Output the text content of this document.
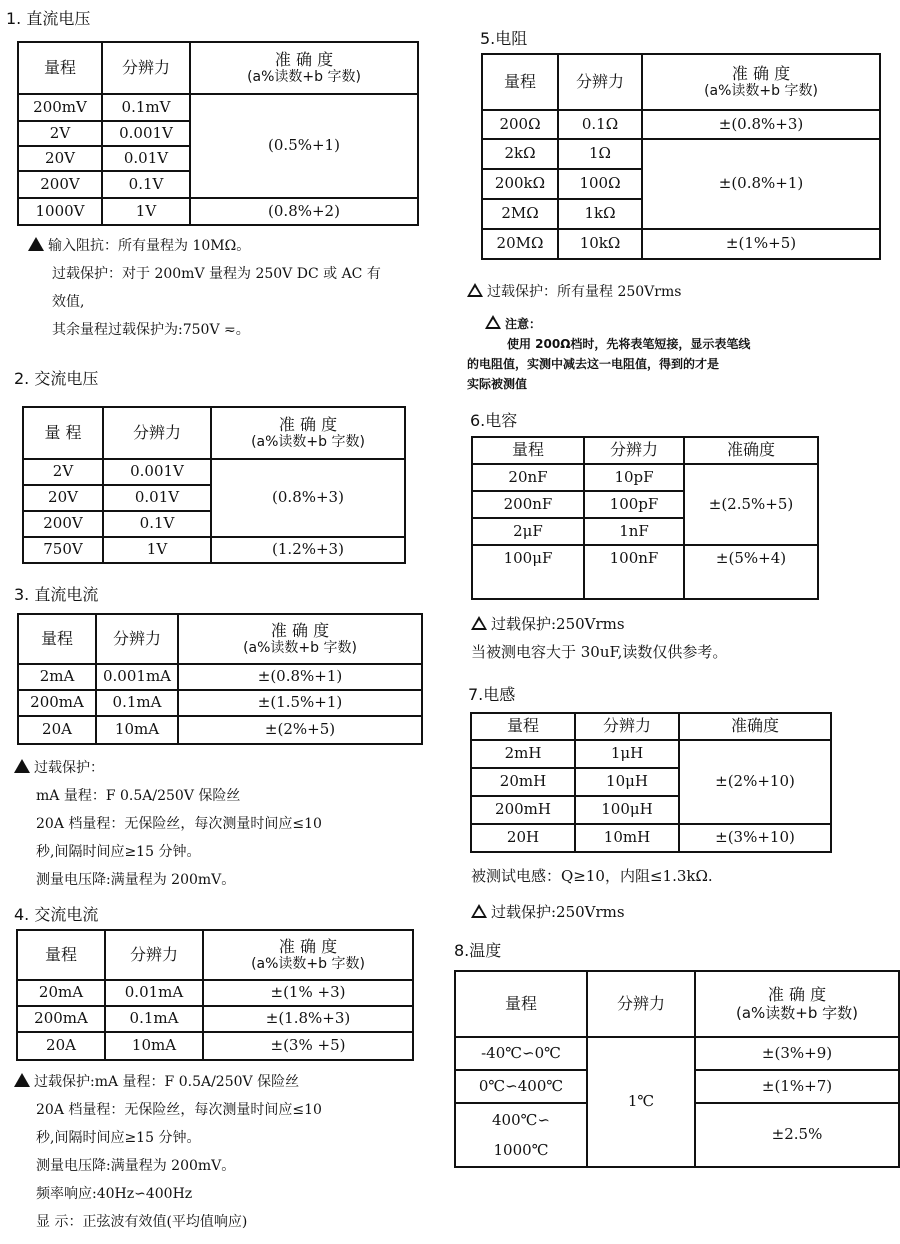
1. 直流电压
量程	分辨力	准 确 度
(a%读数+b 字数)

200mV	0.1mV	(0.5%+1)
2V	0.001V	
20V	0.01V	
200V	0.1V	
1000V	1V	(0.8%+2)

输入阻抗：所有量程为 10MΩ。

过载保护：对于 200mV 量程为 250V DC 或 AC 有

效值,

其余量程过载保护为:750V ≂。

2. 交流电压
量 程	分辨力	准 确 度
(a%读数+b 字数)

2V	0.001V	(0.8%+3)
20V	0.01V	
200V	0.1V	
750V	1V	(1.2%+3)
3. 直流电流
量程	分辨力	准 确 度
(a%读数+b 字数)

2mA	0.001mA	±(0.8%+1)
200mA	0.1mA	±(1.5%+1)
20A	10mA	±(2%+5)

过载保护：

mA 量程：F 0.5A/250V 保险丝

20A 档量程：无保险丝，每次测量时间应≤10

秒,间隔时间应≥15 分钟。

测量电压降:满量程为 200mV。

4. 交流电流
量程	分辨力	准 确 度
(a%读数+b 字数)

20mA	0.01mA	±(1% +3)
200mA	0.1mA	±(1.8%+3)
20A	10mA	±(3% +5)

过载保护:mA 量程：F 0.5A/250V 保险丝

20A 档量程：无保险丝，每次测量时间应≤10

秒,间隔时间应≥15 分钟。

测量电压降:满量程为 200mV。

频率响应:40Hz∽400Hz

显 示：正弦波有效值(平均值响应)

5.电阻
量程	分辨力	准 确 度
(a%读数+b 字数)

200Ω	0.1Ω	±(0.8%+3)
2kΩ	1Ω	±(0.8%+1)
200kΩ	100Ω	
2MΩ	1kΩ	
20MΩ	10kΩ	±(1%+5)

过载保护：所有量程 250Vrms

注意：

使用 200Ω档时，先将表笔短接，显示表笔线

的电阻值，实测中减去这一电阻值，得到的才是

实际被测值

6.电容
量程	分辨力	准确度
20nF	10pF	±(2.5%+5)
200nF	100pF	
2μF	1nF	
100μF	100nF	±(5%+4)

过载保护:250Vrms

当被测电容大于 30uF,读数仅供参考。

7.电感
量程	分辨力	准确度
2mH	1μH	±(2%+10)
20mH	10μH	
200mH	100μH	
20H	10mH	±(3%+10)

被测试电感：Q≥10，内阻≤1.3kΩ.

过载保护:250Vrms

8.温度
量程	分辨力	准 确 度
(a%读数+b 字数)

-40℃∽0℃	1℃	±(3%+9)
0℃∽400℃		±(1%+7)

400℃∽
1000℃		±2.5%
